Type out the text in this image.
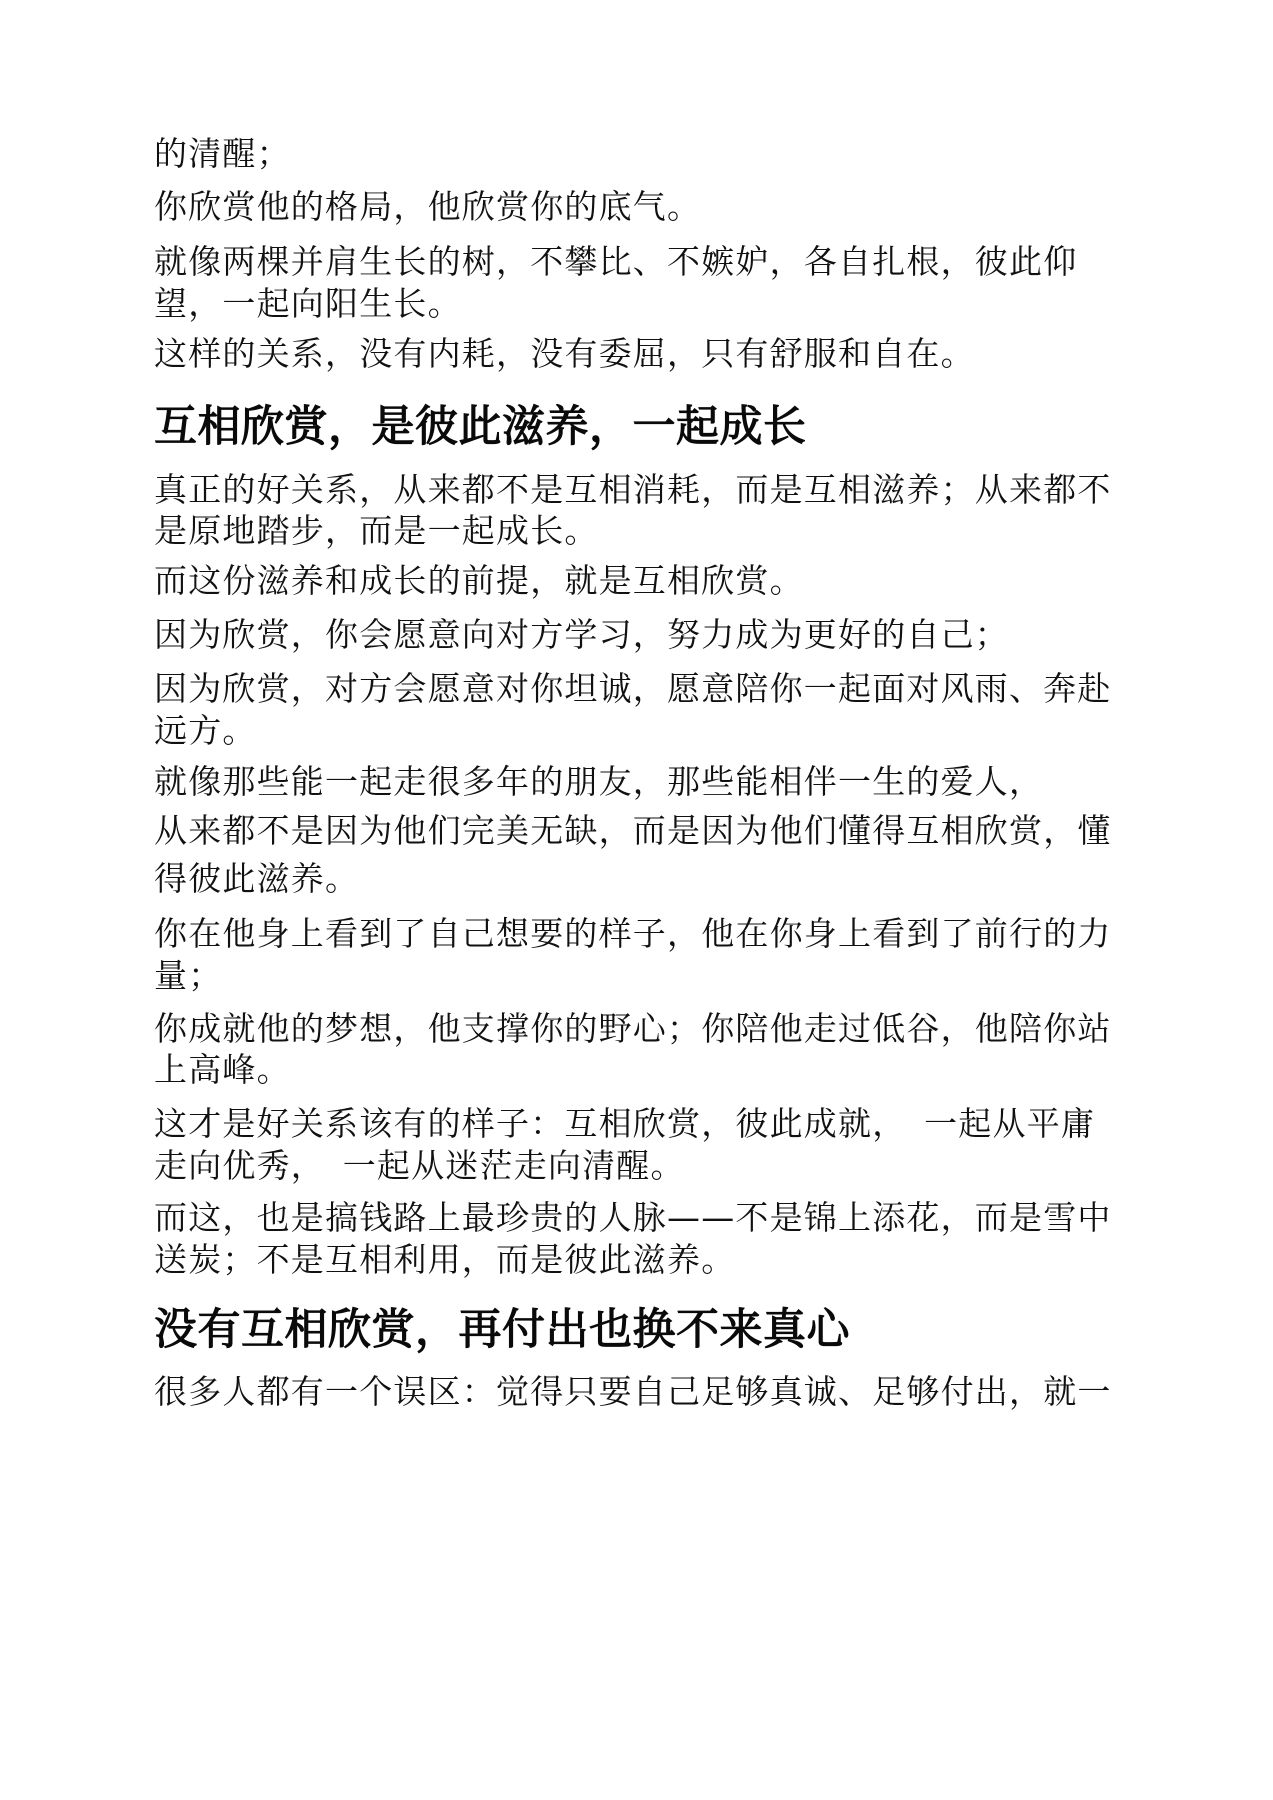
的清醒；
你欣赏他的格局，他欣赏你的底气。
就像两棵并肩生长的树，不攀比、不嫉妒，各自扎根，彼此仰
望，一起向阳生长。
这样的关系，没有内耗，没有委屈，只有舒服和自在。
互相欣赏，是彼此滋养，一起成长
真正的好关系，从来都不是互相消耗，而是互相滋养；从来都不
是原地踏步，而是一起成长。
而这份滋养和成长的前提，就是互相欣赏。
因为欣赏，你会愿意向对方学习，努力成为更好的自己；
因为欣赏，对方会愿意对你坦诚，愿意陪你一起面对风雨、奔赴
远方。
就像那些能一起走很多年的朋友，那些能相伴一生的爱人，
从来都不是因为他们完美无缺，而是因为他们懂得互相欣赏，懂
得彼此滋养。
你在他身上看到了自己想要的样子，他在你身上看到了前行的力
量；
你成就他的梦想，他支撑你的野心；你陪他走过低谷，他陪你站
上高峰。
这才是好关系该有的样子：互相欣赏，彼此成就，　一起从平庸
走向优秀，　一起从迷茫走向清醒。
而这，也是搞钱路上最珍贵的人脉——不是锦上添花，而是雪中
送炭；不是互相利用，而是彼此滋养。
没有互相欣赏，再付出也换不来真心
很多人都有一个误区：觉得只要自己足够真诚、足够付出，就一
